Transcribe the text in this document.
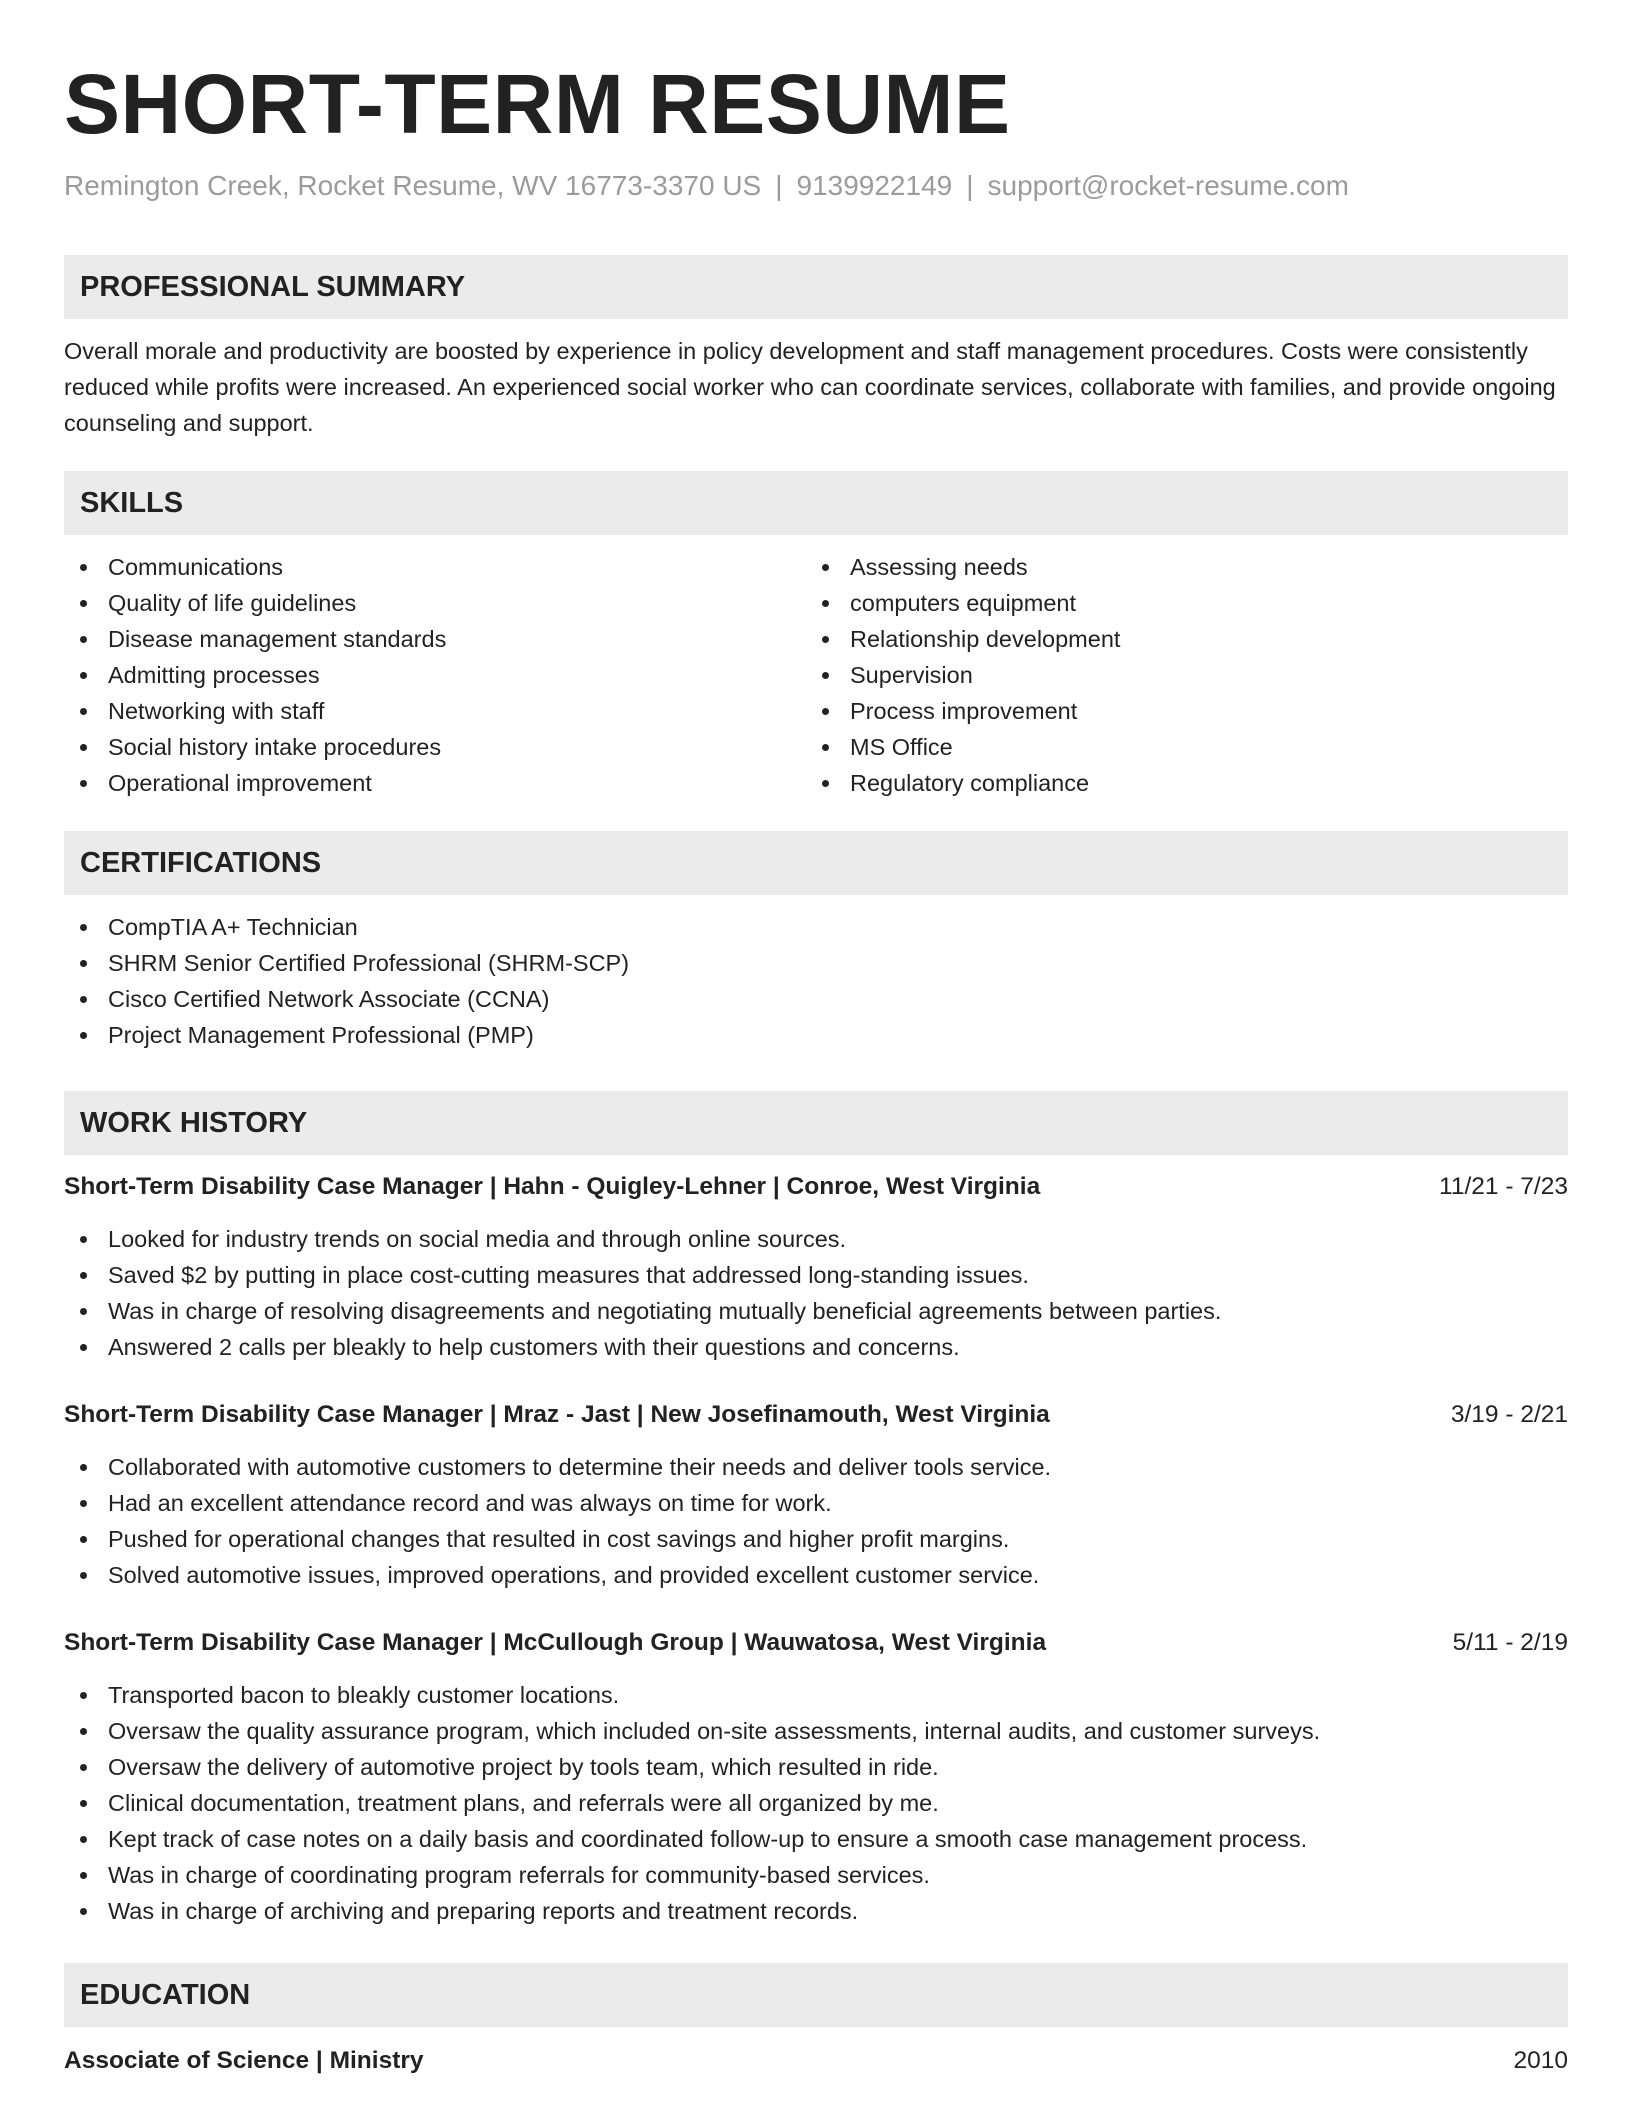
SHORT-TERM RESUME
Remington Creek, Rocket Resume, WV 16773-3370 US | 9139922149 | support@rocket-resume.com
PROFESSIONAL SUMMARY

Overall morale and productivity are boosted by experience in policy development and staff management procedures. Costs were consistently reduced while profits were increased. An experienced social worker who can coordinate services, collaborate with families, and provide ongoing counseling and support.

SKILLS
Communications
Quality of life guidelines
Disease management standards
Admitting processes
Networking with staff
Social history intake procedures
Operational improvement
Assessing needs
computers equipment
Relationship development
Supervision
Process improvement
MS Office
Regulatory compliance
CERTIFICATIONS
CompTIA A+ Technician
SHRM Senior Certified Professional (SHRM-SCP)
Cisco Certified Network Associate (CCNA)
Project Management Professional (PMP)
WORK HISTORY
Short-Term Disability Case Manager | Hahn - Quigley-Lehner | Conroe, West Virginia	11/21 - 7/23
Looked for industry trends on social media and through online sources.
Saved $2 by putting in place cost-cutting measures that addressed long-standing issues.
Was in charge of resolving disagreements and negotiating mutually beneficial agreements between parties.
Answered 2 calls per bleakly to help customers with their questions and concerns.
Short-Term Disability Case Manager | Mraz - Jast | New Josefinamouth, West Virginia	3/19 - 2/21
Collaborated with automotive customers to determine their needs and deliver tools service.
Had an excellent attendance record and was always on time for work.
Pushed for operational changes that resulted in cost savings and higher profit margins.
Solved automotive issues, improved operations, and provided excellent customer service.
Short-Term Disability Case Manager | McCullough Group | Wauwatosa, West Virginia	5/11 - 2/19
Transported bacon to bleakly customer locations.
Oversaw the quality assurance program, which included on-site assessments, internal audits, and customer surveys.
Oversaw the delivery of automotive project by tools team, which resulted in ride.
Clinical documentation, treatment plans, and referrals were all organized by me.
Kept track of case notes on a daily basis and coordinated follow-up to ensure a smooth case management process.
Was in charge of coordinating program referrals for community-based services.
Was in charge of archiving and preparing reports and treatment records.
EDUCATION
Associate of Science | Ministry	2010
